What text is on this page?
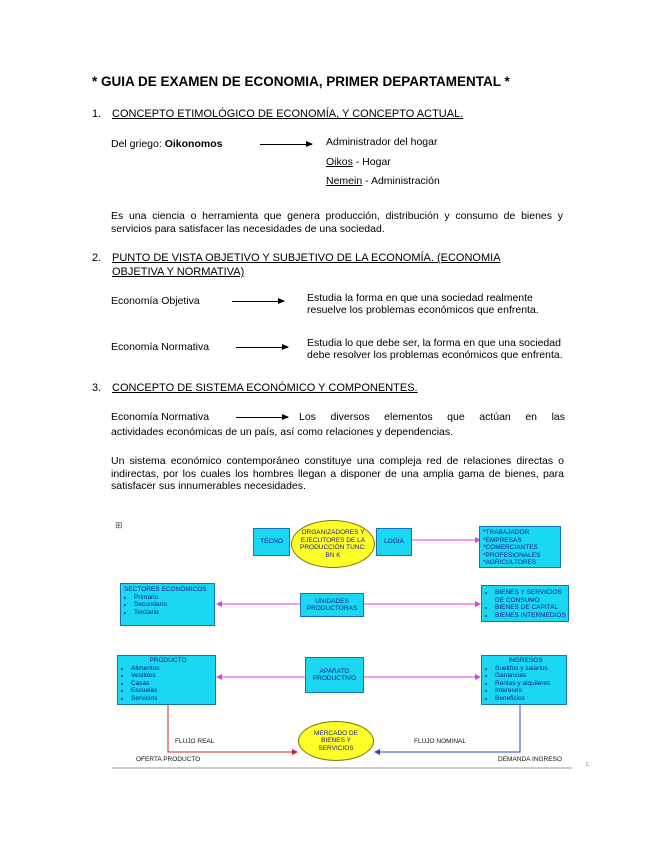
* GUIA DE EXAMEN DE ECONOMIA, PRIMER DEPARTAMENTAL *
1. CONCEPTO ETIMOLÓGICO DE ECONOMÍA, Y CONCEPTO ACTUAL.
Del griego: Oikonomos	Administrador del hogar
Oikos - Hogar
Nemein - Administración
Es una ciencia o herramienta que genera producción, distribución y consumo de bienes y servicios para satisfacer las necesidades de una sociedad.
2. PUNTO DE VISTA OBJETIVO Y SUBJETIVO DE LA ECONOMÍA. (ECONOMIA
OBJETIVA Y NORMATIVA)
Economía Objetiva	Estudia la forma en que una sociedad realmente
resuelve los problemas económicos que enfrenta.
Economía Normativa	Estudia lo que debe ser, la forma en que una sociedad
debe resolver los problemas económicos que enfrenta.
3. CONCEPTO DE SISTEMA ECONÓMICO Y COMPONENTES.
Economía Normativa	Los diversos elementos que actúan en las
actividades económicas de un país, así como relaciones y dependencias.
Un sistema económico contemporáneo constituye una compleja red de relaciones directas o indirectas, por los cuales los hombres llegan a disponer de una amplia gama de bienes, para satisfacer sus innumerables necesidades.
⊞
TECNO
ORGANIZADORES Y EJECUTORES DE LA PRODUCCIÓN TUNC: BN K
LOGIA
*TRABAJADOR
*EMPRESAS
*COMERCIANTES
*PROFESIONALES
*AGRICULTORES
SECTORES ECONÓMICOS
• Primario
• Secundario
• Terciario
UNIDADES PRODUCTORAS
• BIENES Y SERVICIOS DE CONSUMO
• BIENES DE CAPITAL
• BIENES INTERMEDIOS
PRODUCTO
• Alimentos
• Vestidos
• Casas
• Escuelas
• Servicios
APARATO PRODUCTIVO
INGRESOS
• Sueldos y salarios
• Ganancias
• Rentas y alquileres
• Intereses
• Beneficios
MERCADO DE BIENES Y SERVICIOS
FLUJO REAL	FLUJO NOMINAL
OFERTA PRODUCTO	DEMANDA INGRESO
L
